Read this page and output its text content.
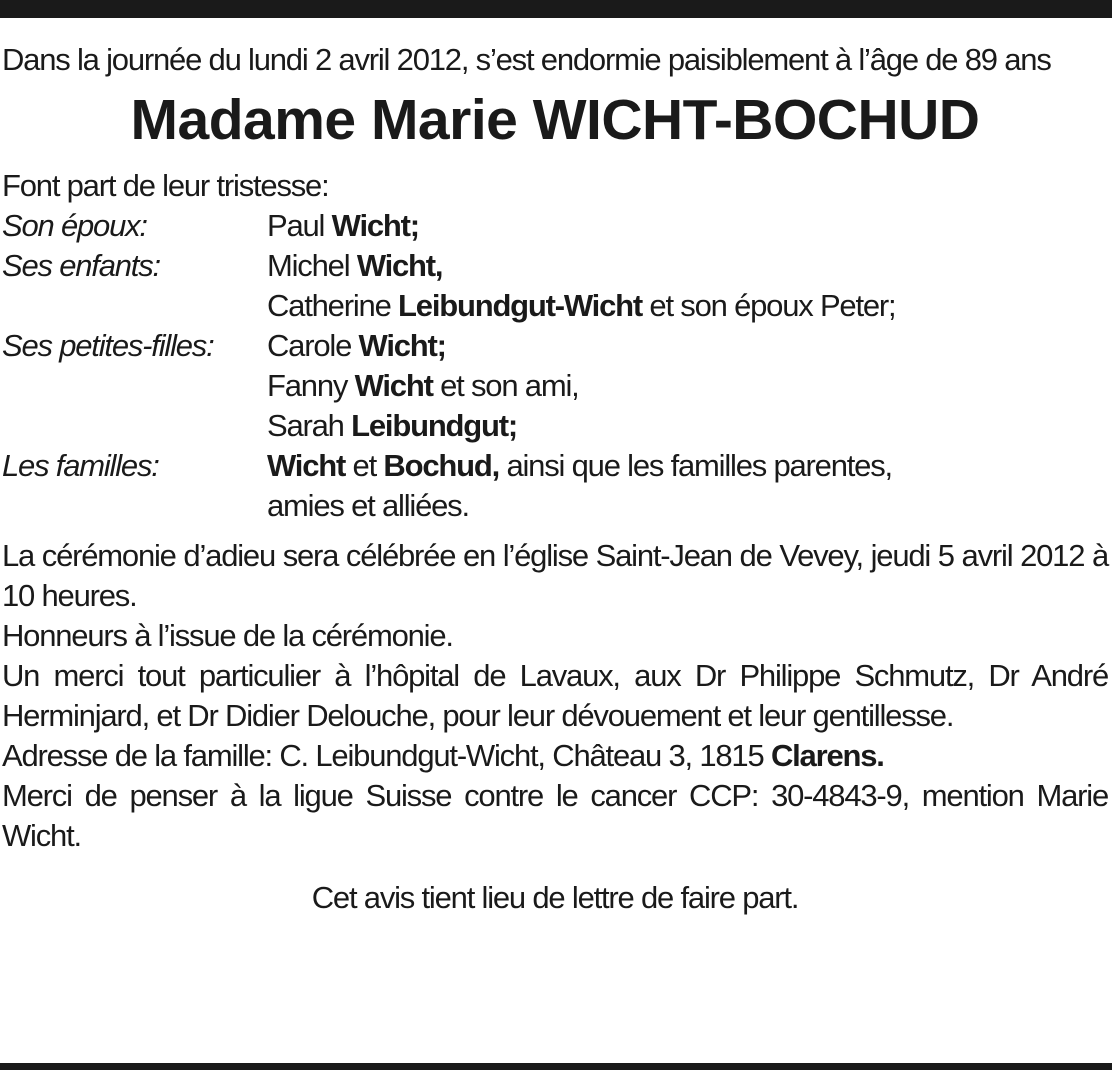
Dans la journée du lundi 2 avril 2012, s’est endormie paisiblement à l’âge de 89 ans

Madame Marie WICHT-BOCHUD

Font part de leur tristesse:

Son époux:	Paul Wicht;
Ses enfants:	Michel Wicht,
Catherine Leibundgut-Wicht et son époux Peter;
Ses petites-filles:	Carole Wicht;
Fanny Wicht et son ami,
Sarah Leibundgut;
Les familles:	Wicht et Bochud, ainsi que les familles parentes,
amies et alliées.

La cérémonie d’adieu sera célébrée en l’église Saint-Jean de Vevey, jeudi 5 avril 2012 à 10 heures.

Honneurs à l’issue de la cérémonie.

Un merci tout particulier à l’hôpital de Lavaux, aux Dr Philippe Schmutz, Dr André Herminjard, et Dr Didier Delouche, pour leur dévouement et leur gentillesse.

Adresse de la famille: C. Leibundgut-Wicht, Château 3, 1815 Clarens.

Merci de penser à la ligue Suisse contre le cancer CCP: 30-4843-9, mention Marie Wicht.

Cet avis tient lieu de lettre de faire part.
